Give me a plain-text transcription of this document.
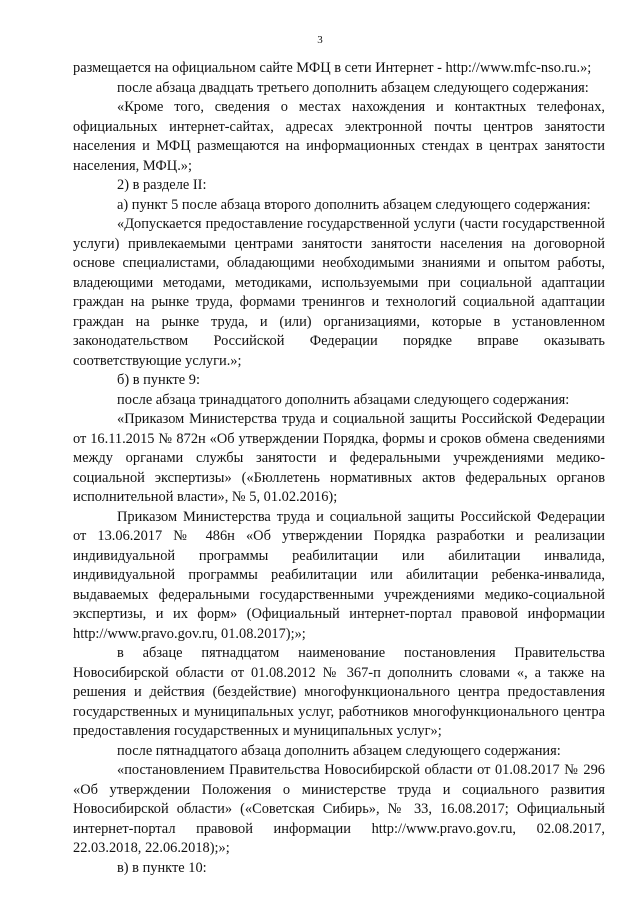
3

размещается на официальном сайте МФЦ в сети Интернет - http://www.mfc-nso.ru.»;

после абзаца двадцать третьего дополнить абзацем следующего содержания:

«Кроме того, сведения о местах нахождения и контактных телефонах, официальных интернет-сайтах, адресах электронной почты центров занятости населения и МФЦ размещаются на информационных стендах в центрах занятости населения, МФЦ.»;

2) в разделе II:

а) пункт 5 после абзаца второго дополнить абзацем следующего содержания:

«Допускается предоставление государственной услуги (части государственной услуги) привлекаемыми центрами занятости занятости населения на договорной основе специалистами, обладающими необходимыми знаниями и опытом работы, владеющими методами, методиками, используемыми при социальной адаптации граждан на рынке труда, формами тренингов и технологий социальной адаптации граждан на рынке труда, и (или) организациями, которые в установленном законодательством Российской Федерации порядке вправе оказывать соответствующие услуги.»;

б) в пункте 9:

после абзаца тринадцатого дополнить абзацами следующего содержания:

«Приказом Министерства труда и социальной защиты Российской Федерации от 16.11.2015 № 872н «Об утверждении Порядка, формы и сроков обмена сведениями между органами службы занятости и федеральными учреждениями медико-социальной экспертизы» («Бюллетень нормативных актов федеральных органов исполнительной власти», № 5, 01.02.2016);

Приказом Министерства труда и социальной защиты Российской Федерации от 13.06.2017 № 486н «Об утверждении Порядка разработки и реализации индивидуальной программы реабилитации или абилитации инвалида, индивидуальной программы реабилитации или абилитации ребенка-инвалида, выдаваемых федеральными государственными учреждениями медико-социальной экспертизы, и их форм» (Официальный интернет-портал правовой информации http://www.pravo.gov.ru, 01.08.2017);»;

в абзаце пятнадцатом наименование постановления Правительства Новосибирской области от 01.08.2012 № 367-п дополнить словами «, а также на решения и действия (бездействие) многофункционального центра предоставления государственных и муниципальных услуг, работников многофункционального центра предоставления государственных и муниципальных услуг»;

после пятнадцатого абзаца дополнить абзацем следующего содержания:

«постановлением Правительства Новосибирской области от 01.08.2017 № 296 «Об утверждении Положения о министерстве труда и социального развития Новосибирской области» («Советская Сибирь», № 33, 16.08.2017; Официальный интернет-портал правовой информации http://www.pravo.gov.ru, 02.08.2017, 22.03.2018, 22.06.2018);»;

в) в пункте 10:
